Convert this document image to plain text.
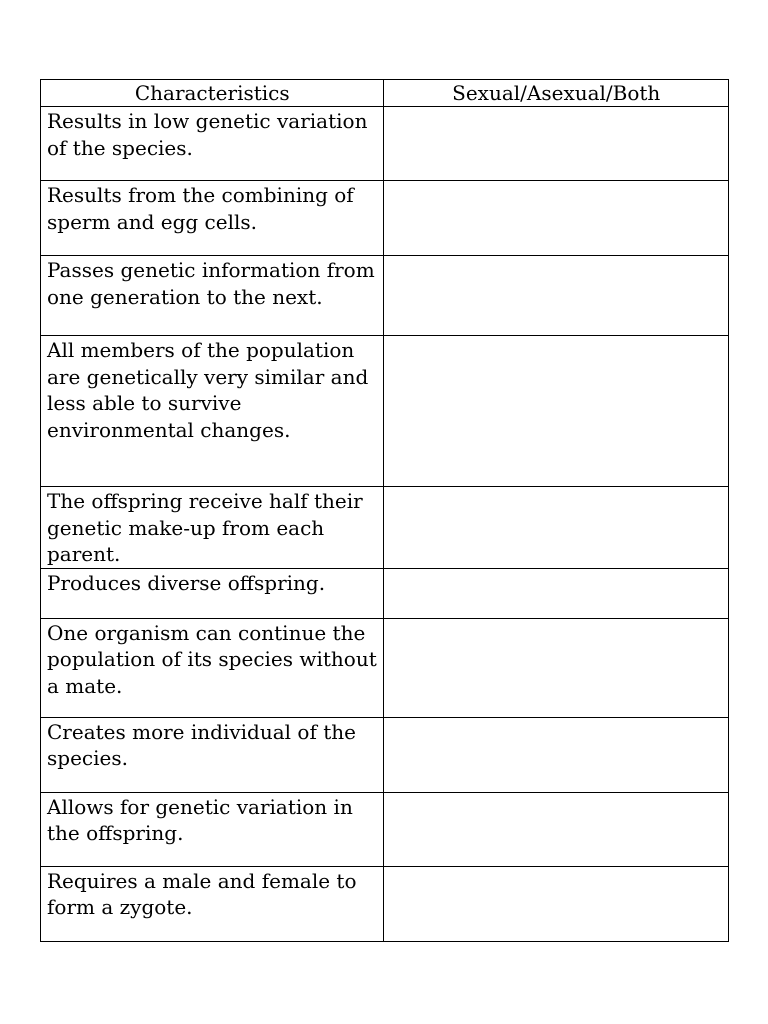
Characteristics	Sexual/Asexual/Both
Results in low genetic variation of the species.	
Results from the combining of sperm and egg cells.	
Passes genetic information from one generation to the next.	
All members of the population are genetically very similar and less able to survive environmental changes.	
The offspring receive half their genetic make-up from each parent.	
Produces diverse offspring.	
One organism can continue the population of its species without a mate.	
Creates more individual of the species.	
Allows for genetic variation in the offspring.	
Requires a male and female to form a zygote.	
